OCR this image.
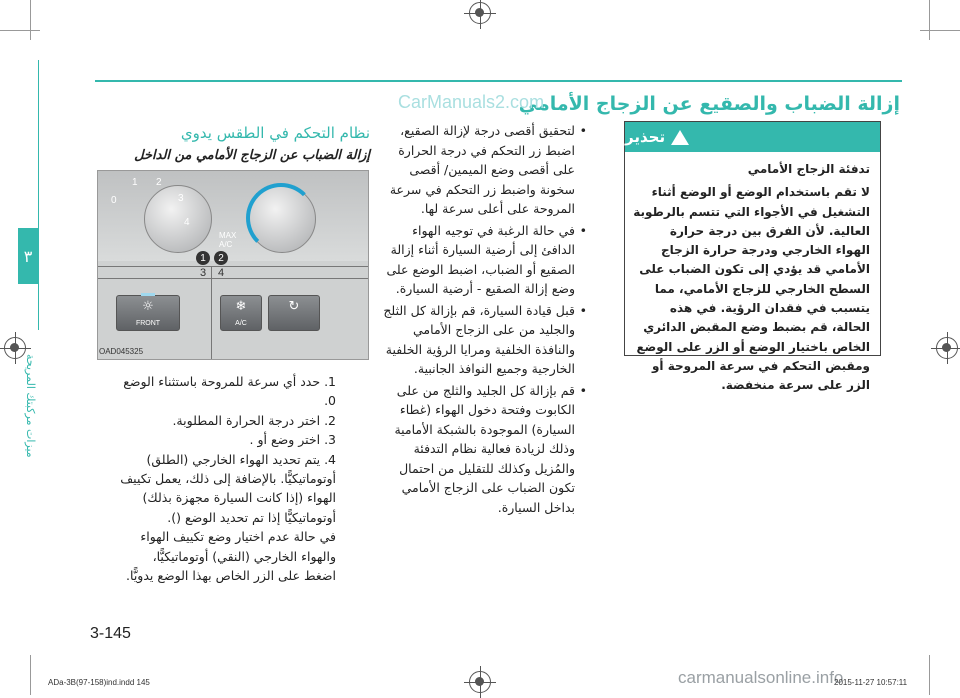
٣
ميزات مركبتك المريحة
إزالة الضباب والصقيع عن الزجاج الأمامي
CarManuals2.com
نظام التحكم في الطقس يدوي
إزالة الضباب عن الزجاج الأمامي من الداخل
0
1 2
3
4
MAX A/C
1	2
3 4
☼
FRONT
❄
A/C
↻
OAD045325

• لتحقيق أقصى درجة لإزالة الصقيع، اضبط زر التحكم في درجة الحرارة على أقصى وضع الميمين/ أقصى سخونة واضبط زر التحكم في سرعة المروحة على أعلى سرعة لها.

• في حالة الرغبة في توجيه الهواء الدافئ إلى أرضية السيارة أثناء إزالة الصقيع أو الضباب، اضبط الوضع على وضع إزالة الصقيع - أرضية السيارة.

• قبل قيادة السيارة، قم بإزالة كل الثلج والجليد من على الزجاج الأمامي والنافذة الخلفية ومرايا الرؤية الخلفية الخارجية وجميع النوافذ الجانبية.

• قم بإزالة كل الجليد والثلج من على الكابوت وفتحة دخول الهواء (غطاء السيارة) الموجودة بالشبكة الأمامية وذلك لزيادة فعالية نظام التدفئة والمُزيل وكذلك للتقليل من احتمال تكون الضباب على الزجاج الأمامي بداخل السيارة.

تحذير
تدفئة الزجاج الأمامي
لا تقم باستخدام الوضع أو الوضع أثناء التشغيل في الأجواء التي تتسم بالرطوبة العالية. لأن الفرق بين درجة حرارة الهواء الخارجي ودرجة حرارة الزجاج الأمامي قد يؤدي إلى تكون الضباب على السطح الخارجي للزجاج الأمامي، مما يتسبب في فقدان الرؤية. في هذه الحالة، قم بضبط وضع المقبض الدائري الخاص باختيار الوضع أو الزر على الوضع ومقبض التحكم في سرعة المروحة أو الزر على سرعة منخفضة.
1. حدد أي سرعة للمروحة باستثناء الوضع 0.
2. اختر درجة الحرارة المطلوبة.
3. اختر وضع أو .
4. يتم تحديد الهواء الخارجي (الطلق) أوتوماتيكيًّا. بالإضافة إلى ذلك، يعمل تكييف الهواء (إذا كانت السيارة مجهزة بذلك) أوتوماتيكيًّا إذا تم تحديد الوضع ().
في حالة عدم اختيار وضع تكييف الهواء والهواء الخارجي (النقي) أوتوماتيكيًّا، اضغط على الزر الخاص بهذا الوضع يدويًّا.
3-145
ADa-3B(97-158)ind.indd 145	carmanualsonline.info
2015-11-27 10:57:11
